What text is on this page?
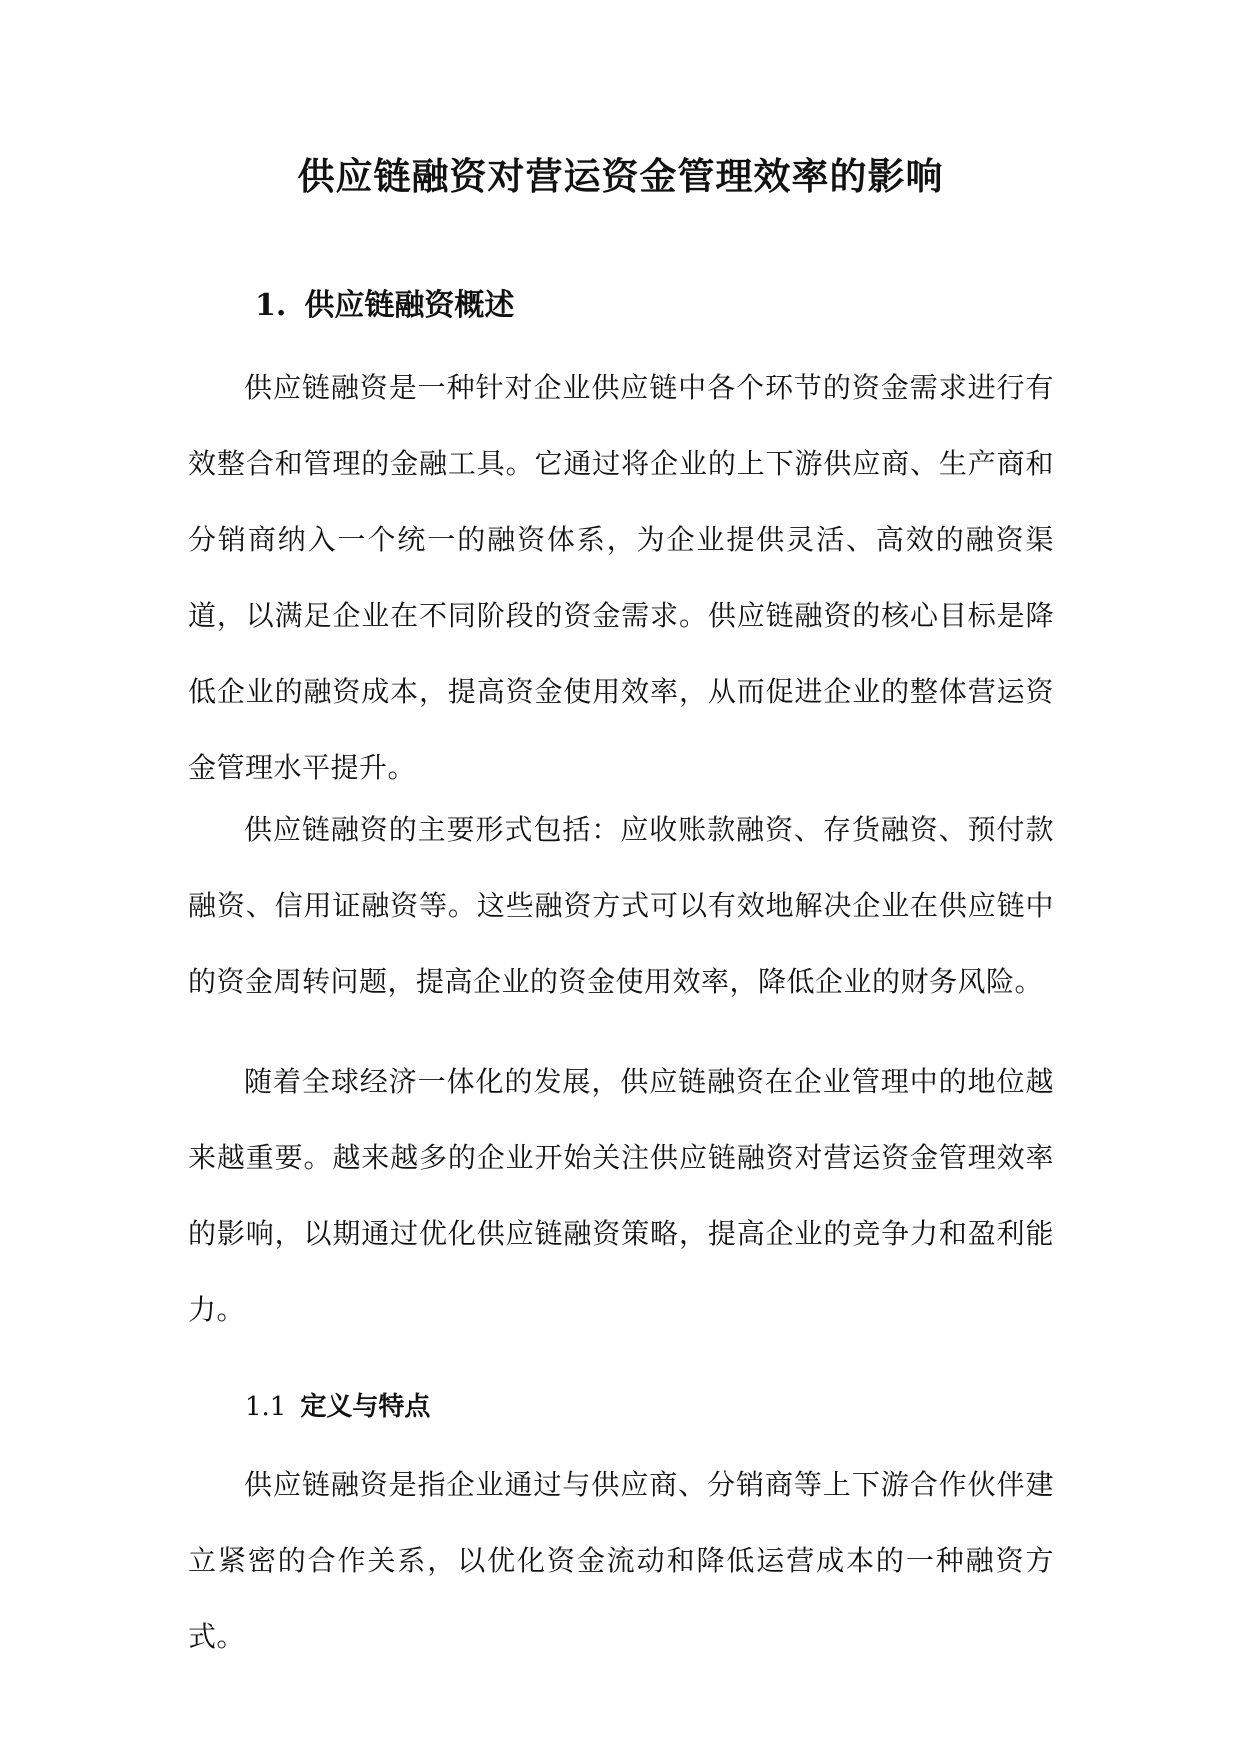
供应链融资对营运资金管理效率的影响
1. 供应链融资概述

供应链融资是一种针对企业供应链中各个环节的资金需求进行有效整合和管理的金融工具。它通过将企业的上下游供应商、生产商和分销商纳入一个统一的融资体系，为企业提供灵活、高效的融资渠道，以满足企业在不同阶段的资金需求。供应链融资的核心目标是降低企业的融资成本，提高资金使用效率，从而促进企业的整体营运资金管理水平提升。

供应链融资的主要形式包括：应收账款融资、存货融资、预付款融资、信用证融资等。这些融资方式可以有效地解决企业在供应链中的资金周转问题，提高企业的资金使用效率，降低企业的财务风险。

随着全球经济一体化的发展，供应链融资在企业管理中的地位越来越重要。越来越多的企业开始关注供应链融资对营运资金管理效率的影响，以期通过优化供应链融资策略，提高企业的竞争力和盈利能力。

1.1 定义与特点

供应链融资是指企业通过与供应商、分销商等上下游合作伙伴建立紧密的合作关系，以优化资金流动和降低运营成本的一种融资方式。
